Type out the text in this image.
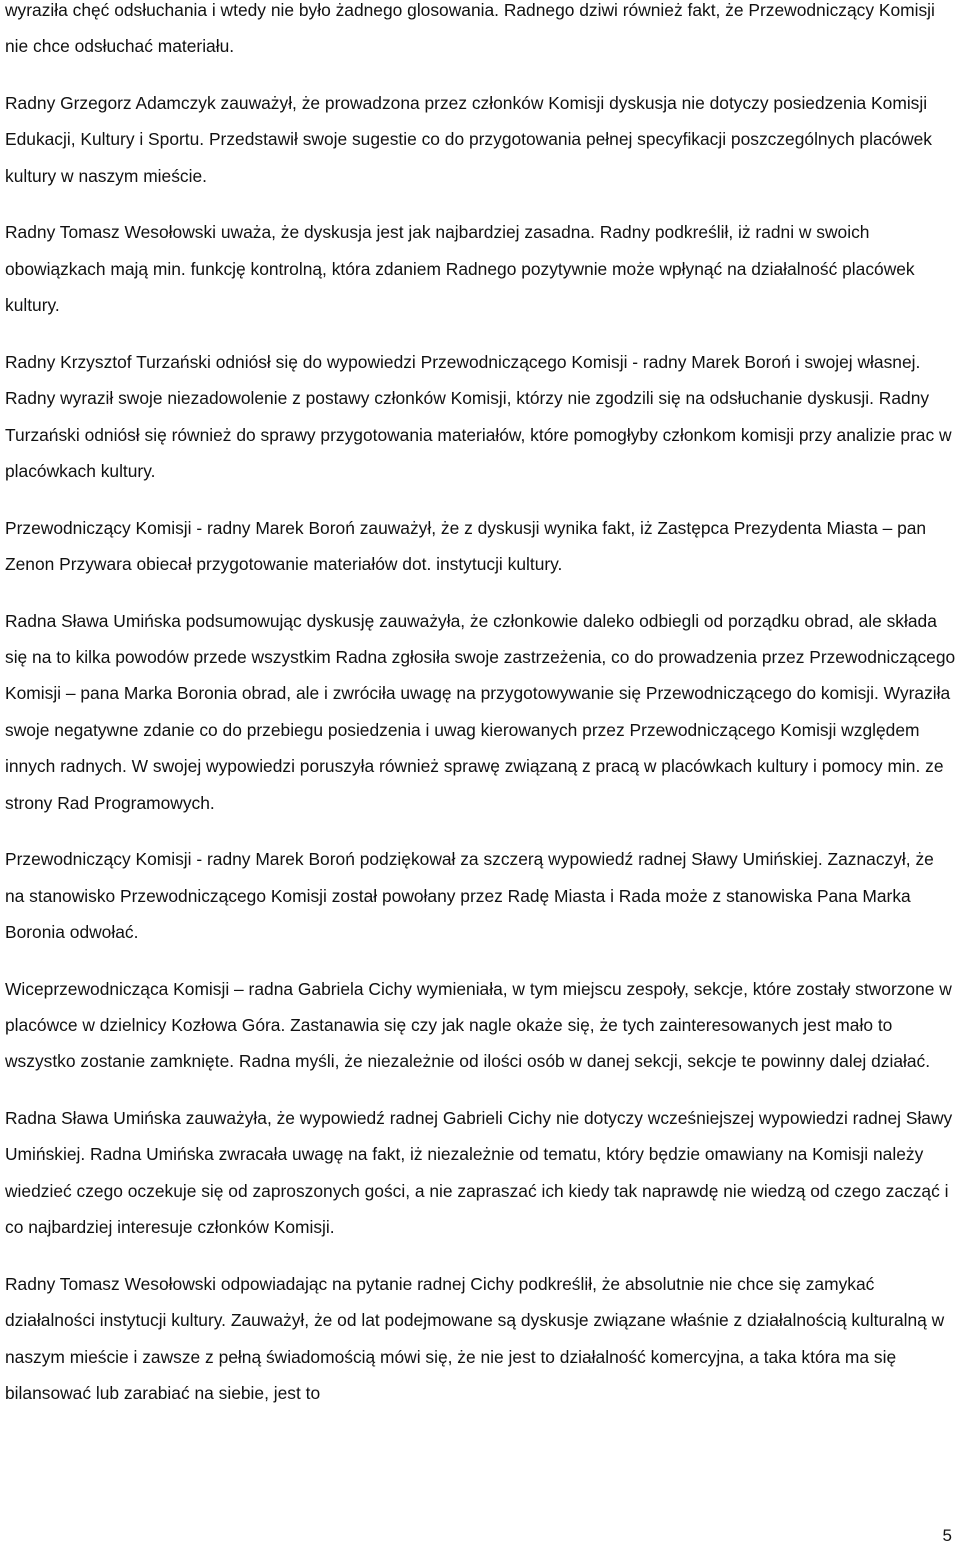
wyraziła chęć odsłuchania i wtedy nie było żadnego glosowania. Radnego dziwi również fakt, że Przewodniczący Komisji nie chce odsłuchać materiału.

Radny Grzegorz Adamczyk zauważył, że prowadzona przez członków Komisji dyskusja nie dotyczy posiedzenia Komisji Edukacji, Kultury i Sportu. Przedstawił swoje sugestie co do przygotowania pełnej specyfikacji poszczególnych placówek kultury w naszym mieście.

Radny Tomasz Wesołowski uważa, że dyskusja jest jak najbardziej zasadna. Radny podkreślił, iż radni w swoich obowiązkach mają min. funkcję kontrolną, która zdaniem Radnego pozytywnie może wpłynąć na działalność placówek kultury.

Radny Krzysztof Turzański odniósł się do wypowiedzi Przewodniczącego Komisji - radny Marek Boroń i swojej własnej. Radny wyraził swoje niezadowolenie z postawy członków Komisji, którzy nie zgodzili się na odsłuchanie dyskusji. Radny Turzański odniósł się również do sprawy przygotowania materiałów, które pomogłyby członkom komisji przy analizie prac w placówkach kultury.

Przewodniczący Komisji - radny Marek Boroń zauważył, że z dyskusji wynika fakt, iż Zastępca Prezydenta Miasta – pan Zenon Przywara obiecał przygotowanie materiałów dot. instytucji kultury.

Radna Sława Umińska podsumowując dyskusję zauważyła, że członkowie daleko odbiegli od porządku obrad, ale składa się na to kilka powodów przede wszystkim Radna zgłosiła swoje zastrzeżenia, co do prowadzenia przez Przewodniczącego Komisji – pana Marka Boronia obrad, ale i zwróciła uwagę na przygotowywanie się Przewodniczącego do komisji. Wyraziła swoje negatywne zdanie co do przebiegu posiedzenia i uwag kierowanych przez Przewodniczącego Komisji względem innych radnych. W swojej wypowiedzi poruszyła również sprawę związaną z pracą w placówkach kultury i pomocy min. ze strony Rad Programowych.

Przewodniczący Komisji - radny Marek Boroń podziękował za szczerą wypowiedź radnej Sławy Umińskiej. Zaznaczył, że na stanowisko Przewodniczącego Komisji został powołany przez Radę Miasta i Rada może z stanowiska Pana Marka Boronia odwołać.

Wiceprzewodnicząca Komisji – radna Gabriela Cichy wymieniała, w tym miejscu zespoły, sekcje, które zostały stworzone w placówce w dzielnicy Kozłowa Góra. Zastanawia się czy jak nagle okaże się, że tych zainteresowanych jest mało to wszystko zostanie zamknięte. Radna myśli, że niezależnie od ilości osób w danej sekcji, sekcje te powinny dalej działać.

Radna Sława Umińska zauważyła, że wypowiedź radnej Gabrieli Cichy nie dotyczy wcześniejszej wypowiedzi radnej Sławy Umińskiej. Radna Umińska zwracała uwagę na fakt, iż niezależnie od tematu, który będzie omawiany na Komisji należy wiedzieć czego oczekuje się od zaproszonych gości, a nie zapraszać ich kiedy tak naprawdę nie wiedzą od czego zacząć i co najbardziej interesuje członków Komisji.

Radny Tomasz Wesołowski odpowiadając na pytanie radnej Cichy podkreślił, że absolutnie nie chce się zamykać działalności instytucji kultury. Zauważył, że od lat podejmowane są dyskusje związane właśnie z działalnością kulturalną w naszym mieście i zawsze z pełną świadomością mówi się, że nie jest to działalność komercyjna, a taka która ma się bilansować lub zarabiać na siebie, jest to

5
